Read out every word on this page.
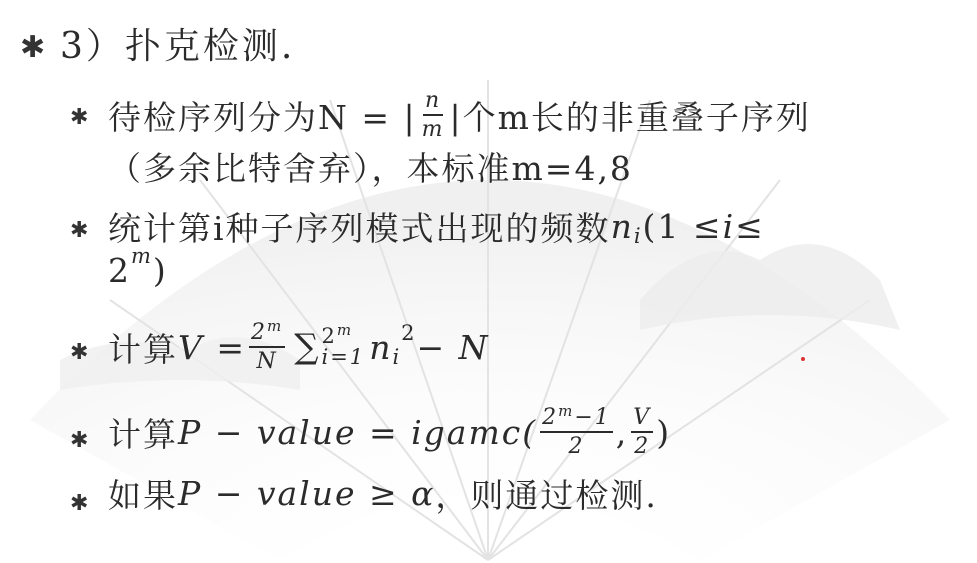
✱ 3）扑克检测.
✱ 待检序列分为N = | $\frac{n}{m}$ |个m长的非重叠子序列
（多余比特舍弃），本标准m=4,8
✱ 统计第i种子序列模式出现的频数 $n_i$ (1 ≤ i ≤
$2^m$ )
✱ 计算 $V = \frac{2^m}{N}$ ∑ 2$^m$
i=1 $n_i$
$^2$ − N
✱ 计算 P − value = igamc( $\frac{2^m-1}{2}$ , $\frac{V}{2}$ )
✱ 如果 P − value ≥ α ，则通过检测.
